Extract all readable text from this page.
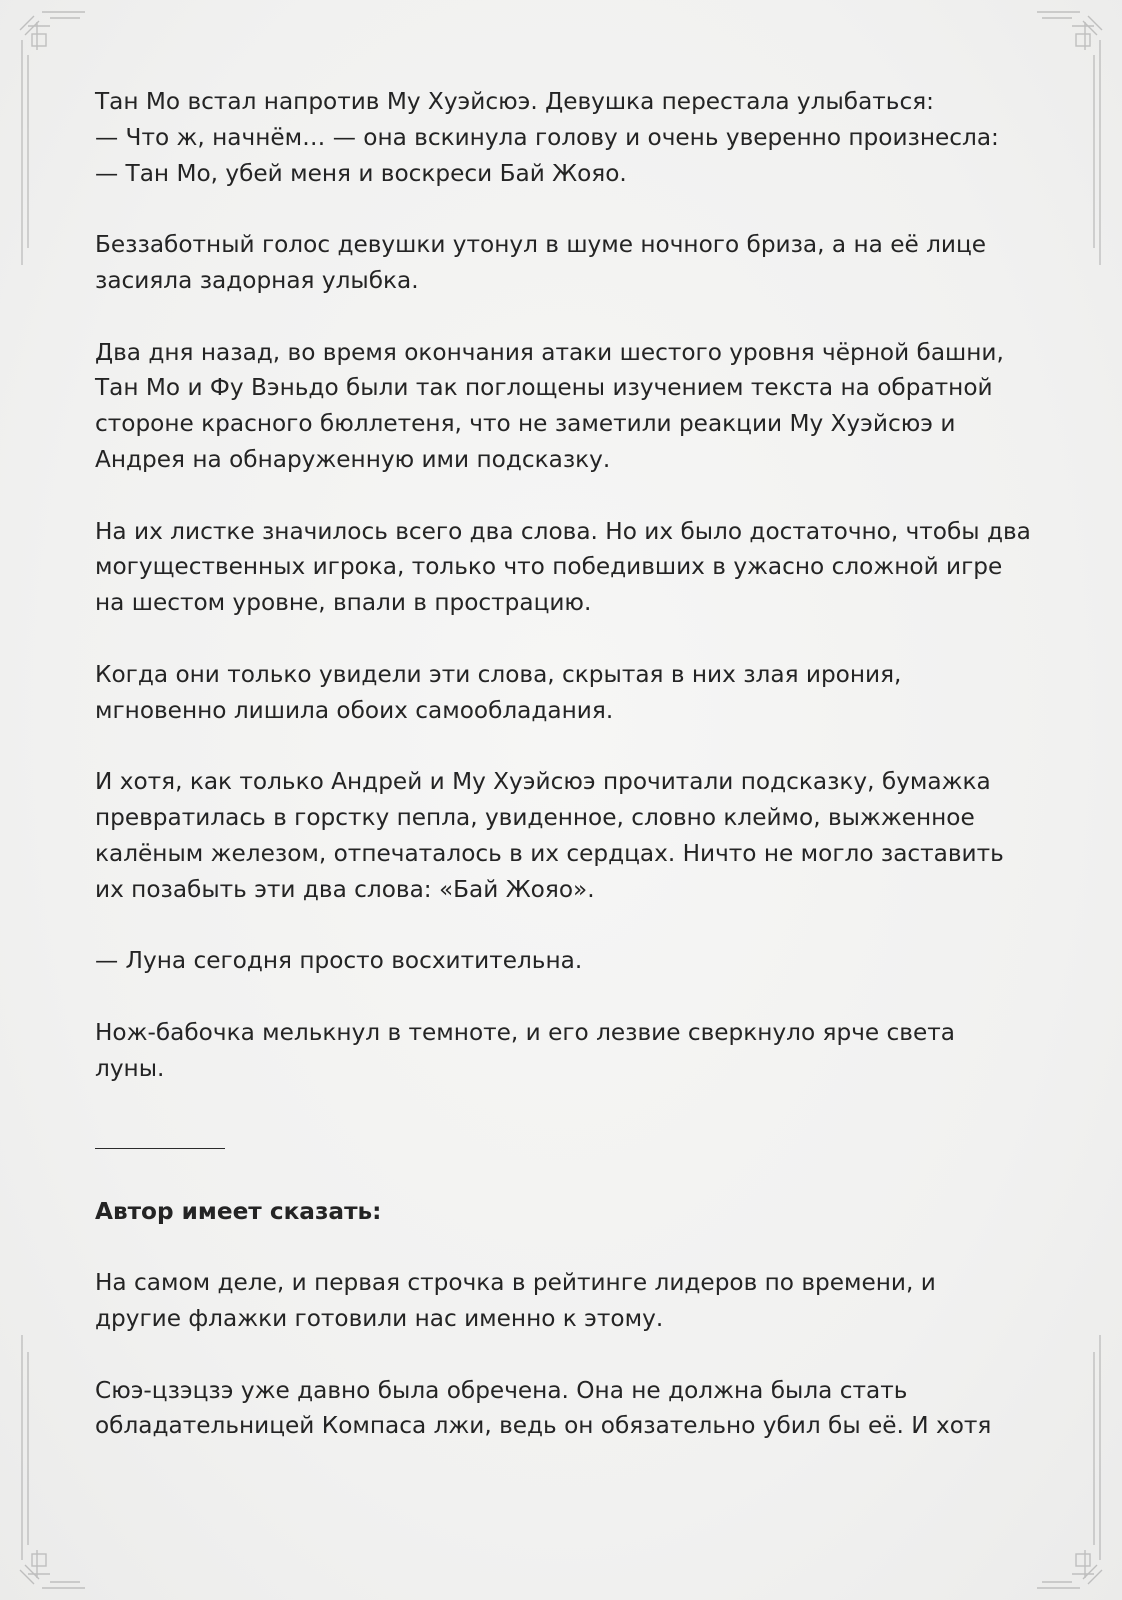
Тан Мо встал напротив Му Хуэйсюэ. Девушка перестала улыбаться:
— Что ж, начнём… — она вскинула голову и очень уверенно произнесла:
— Тан Мо, убей меня и воскреси Бай Жояо.

Беззаботный голос девушки утонул в шуме ночного бриза, а на её лице
засияла задорная улыбка.

Два дня назад, во время окончания атаки шестого уровня чёрной башни,
Тан Мо и Фу Вэньдо были так поглощены изучением текста на обратной
стороне красного бюллетеня, что не заметили реакции Му Хуэйсюэ и
Андрея на обнаруженную ими подсказку.

На их листке значилось всего два слова. Но их было достаточно, чтобы два
могущественных игрока, только что победивших в ужасно сложной игре
на шестом уровне, впали в прострацию.

Когда они только увидели эти слова, скрытая в них злая ирония,
мгновенно лишила обоих самообладания.

И хотя, как только Андрей и Му Хуэйсюэ прочитали подсказку, бумажка
превратилась в горстку пепла, увиденное, словно клеймо, выжженное
калёным железом, отпечаталось в их сердцах. Ничто не могло заставить
их позабыть эти два слова: «Бай Жояо».

— Луна сегодня просто восхитительна.

Нож-бабочка мелькнул в темноте, и его лезвие сверкнуло ярче света
луны.

Автор имеет сказать:

На самом деле, и первая строчка в рейтинге лидеров по времени, и
другие флажки готовили нас именно к этому.

Сюэ-цзэцзэ уже давно была обречена. Она не должна была стать
обладательницей Компаса лжи, ведь он обязательно убил бы её. И хотя
